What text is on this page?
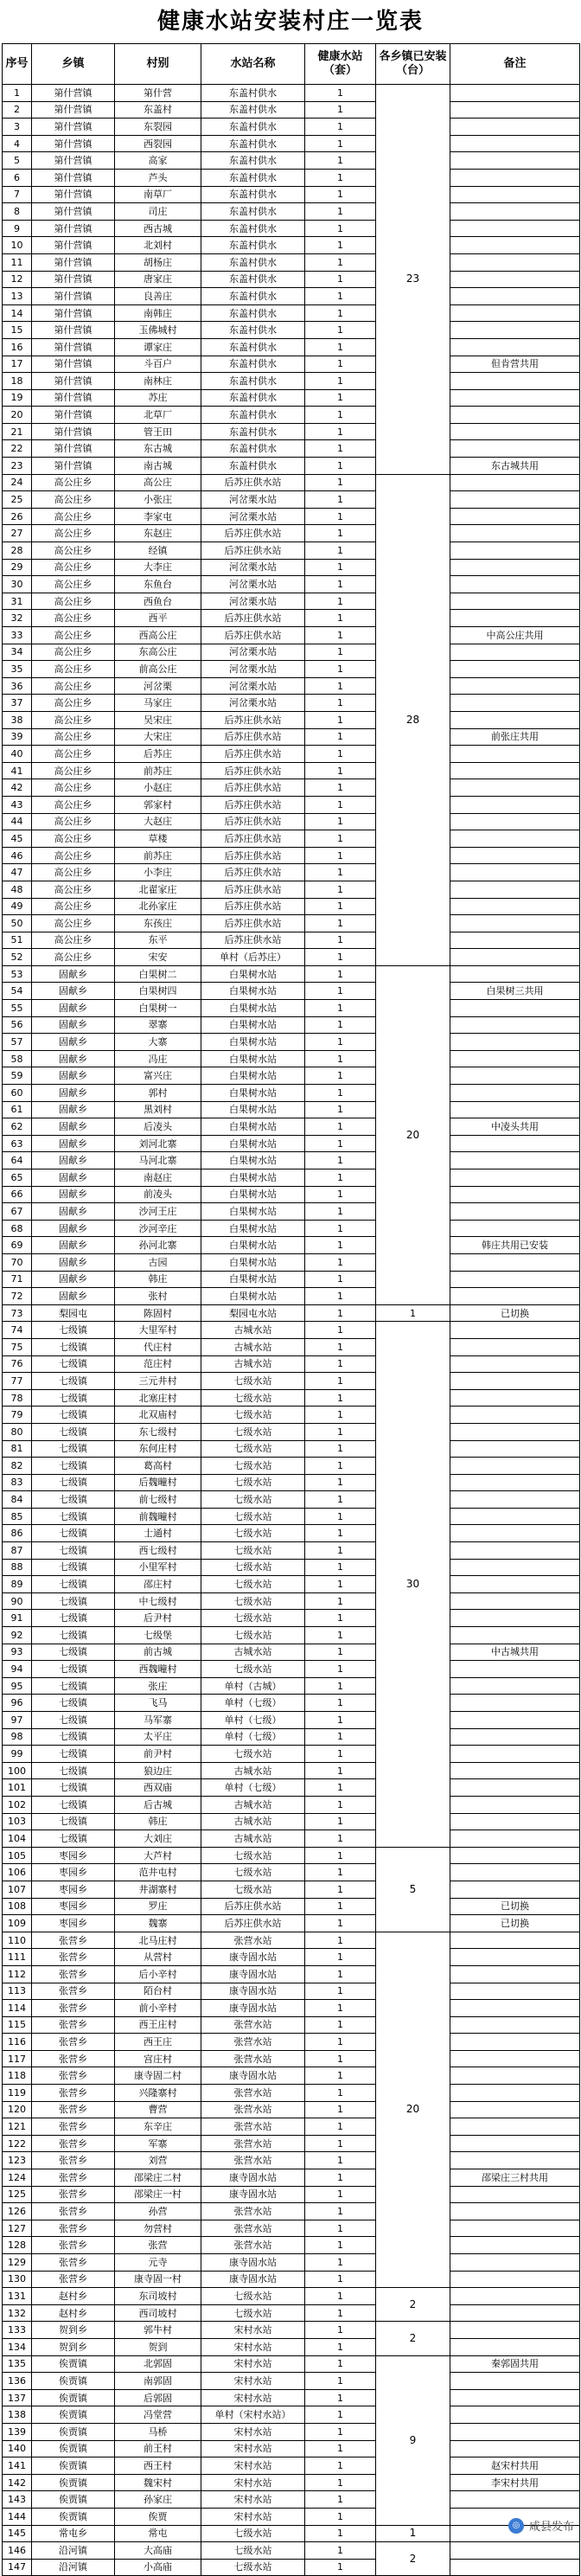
健康水站安装村庄一览表
序号	乡镇	村别	水站名称	健康水站（套）	各乡镇已安装（台）	备注
1	第什营镇	第什营	东盖村供水	1	23	
2	第什营镇	东盖村	东盖村供水	1		
3	第什营镇	东裂园	东盖村供水	1		
4	第什营镇	西裂园	东盖村供水	1		
5	第什营镇	高家	东盖村供水	1		
6	第什营镇	芦头	东盖村供水	1		
7	第什营镇	南草厂	东盖村供水	1		
8	第什营镇	司庄	东盖村供水	1		
9	第什营镇	西古城	东盖村供水	1		
10	第什营镇	北刘村	东盖村供水	1		
11	第什营镇	胡杨庄	东盖村供水	1		
12	第什营镇	唐家庄	东盖村供水	1		
13	第什营镇	良善庄	东盖村供水	1		
14	第什营镇	南韩庄	东盖村供水	1		
15	第什营镇	玉佛城村	东盖村供水	1		
16	第什营镇	谭家庄	东盖村供水	1		
17	第什营镇	斗百户	东盖村供水	1		但肯营共用
18	第什营镇	南林庄	东盖村供水	1		
19	第什营镇	苏庄	东盖村供水	1		
20	第什营镇	北草厂	东盖村供水	1		
21	第什营镇	管王田	东盖村供水	1		
22	第什营镇	东古城	东盖村供水	1		
23	第什营镇	南古城	东盖村供水	1		东古城共用
24	高公庄乡	高公庄	后苏庄供水站	1	28	
25	高公庄乡	小张庄	河岔栗水站	1		
26	高公庄乡	李家屯	河岔栗水站	1		
27	高公庄乡	东赵庄	后苏庄供水站	1		
28	高公庄乡	经镇	后苏庄供水站	1		
29	高公庄乡	大李庄	河岔栗水站	1		
30	高公庄乡	东鱼台	河岔栗水站	1		
31	高公庄乡	西鱼台	河岔栗水站	1		
32	高公庄乡	西平	后苏庄供水站	1		
33	高公庄乡	西高公庄	后苏庄供水站	1		中高公庄共用
34	高公庄乡	东高公庄	河岔栗水站	1		
35	高公庄乡	前高公庄	河岔栗水站	1		
36	高公庄乡	河岔栗	河岔栗水站	1		
37	高公庄乡	马家庄	河岔栗水站	1		
38	高公庄乡	吴宋庄	后苏庄供水站	1		
39	高公庄乡	大宋庄	后苏庄供水站	1		前张庄共用
40	高公庄乡	后苏庄	后苏庄供水站	1		
41	高公庄乡	前苏庄	后苏庄供水站	1		
42	高公庄乡	小赵庄	后苏庄供水站	1		
43	高公庄乡	郭家村	后苏庄供水站	1		
44	高公庄乡	大赵庄	后苏庄供水站	1		
45	高公庄乡	草楼	后苏庄供水站	1		
46	高公庄乡	前苏庄	后苏庄供水站	1		
47	高公庄乡	小李庄	后苏庄供水站	1		
48	高公庄乡	北翟家庄	后苏庄供水站	1		
49	高公庄乡	北孙家庄	后苏庄供水站	1		
50	高公庄乡	东孩庄	后苏庄供水站	1		
51	高公庄乡	东平	后苏庄供水站	1		
52	高公庄乡	宋安	单村（后苏庄）	1		
53	固献乡	白果树二	白果树水站	1	20	
54	固献乡	白果树四	白果树水站	1		白果树三共用
55	固献乡	白果树一	白果树水站	1		
56	固献乡	翠寨	白果树水站	1		
57	固献乡	大寨	白果树水站	1		
58	固献乡	冯庄	白果树水站	1		
59	固献乡	富兴庄	白果树水站	1		
60	固献乡	郭村	白果树水站	1		
61	固献乡	黑刘村	白果树水站	1		
62	固献乡	后凌头	白果树水站	1		中凌头共用
63	固献乡	刘河北寨	白果树水站	1		
64	固献乡	马河北寨	白果树水站	1		
65	固献乡	南赵庄	白果树水站	1		
66	固献乡	前凌头	白果树水站	1		
67	固献乡	沙河王庄	白果树水站	1		
68	固献乡	沙河辛庄	白果树水站	1		
69	固献乡	孙河北寨	白果树水站	1		韩庄共用已安装
70	固献乡	古园	白果树水站	1		
71	固献乡	韩庄	白果树水站	1		
72	固献乡	张村	白果树水站	1		
73	梨园屯	陈固村	梨园屯水站	1	1	已切换
74	七级镇	大里军村	古城水站	1	30	
75	七级镇	代庄村	古城水站	1		
76	七级镇	范庄村	古城水站	1		
77	七级镇	三元井村	七级水站	1		
78	七级镇	北塞庄村	七级水站	1		
79	七级镇	北双庙村	七级水站	1		
80	七级镇	东七级村	七级水站	1		
81	七级镇	东何庄村	七级水站	1		
82	七级镇	葛高村	七级水站	1		
83	七级镇	后魏疃村	七级水站	1		
84	七级镇	前七级村	七级水站	1		
85	七级镇	前魏疃村	七级水站	1		
86	七级镇	士通村	七级水站	1		
87	七级镇	西七级村	七级水站	1		
88	七级镇	小里军村	七级水站	1		
89	七级镇	邵庄村	七级水站	1		
90	七级镇	中七级村	七级水站	1		
91	七级镇	后尹村	七级水站	1		
92	七级镇	七级堡	七级水站	1		
93	七级镇	前古城	古城水站	1		中古城共用
94	七级镇	西魏疃村	七级水站	1		
95	七级镇	张庄	单村（古城）	1		
96	七级镇	飞马	单村（七级）	1		
97	七级镇	马军寨	单村（七级）	1		
98	七级镇	太平庄	单村（七级）	1		
99	七级镇	前尹村	七级水站	1		
100	七级镇	狼边庄	古城水站	1		
101	七级镇	西双庙	单村（七级）	1		
102	七级镇	后古城	古城水站	1		
103	七级镇	韩庄	古城水站	1		
104	七级镇	大刘庄	古城水站	1		
105	枣园乡	大芦村	七级水站	1	5	
106	枣园乡	范井屯村	七级水站	1		
107	枣园乡	井湖寨村	七级水站	1		
108	枣园乡	罗庄	后苏庄供水站	1		已切换
109	枣园乡	魏寨	后苏庄供水站	1		已切换
110	张营乡	北马庄村	张营水站	1	20	
111	张营乡	从营村	康寺固水站	1		
112	张营乡	后小辛村	康寺固水站	1		
113	张营乡	陌台村	康寺固水站	1		
114	张营乡	前小辛村	康寺固水站	1		
115	张营乡	西王庄村	张营水站	1		
116	张营乡	西王庄	张营水站	1		
117	张营乡	宫庄村	张营水站	1		
118	张营乡	康寺固二村	康寺固水站	1		
119	张营乡	兴隆寨村	张营水站	1		
120	张营乡	曹营	张营水站	1		
121	张营乡	东辛庄	张营水站	1		
122	张营乡	军寨	张营水站	1		
123	张营乡	刘营	张营水站	1		
124	张营乡	邵梁庄二村	康寺固水站	1		邵梁庄三村共用
125	张营乡	邵梁庄一村	康寺固水站	1		
126	张营乡	孙营	张营水站	1		
127	张营乡	勿营村	张营水站	1		
128	张营乡	张营	张营水站	1		
129	张营乡	元寺	康寺固水站	1		
130	张营乡	康寺固一村	康寺固水站	1		
131	赵村乡	东司坡村	七级水站	1	2	
132	赵村乡	西司坡村	七级水站	1		
133	贺到乡	郭牛村	宋村水站	1	2	
134	贺到乡	贺到	宋村水站	1		
135	俟贾镇	北郭固	宋村水站	1	9	秦郭固共用
136	俟贾镇	南郭固	宋村水站	1		
137	俟贾镇	后郭固	宋村水站	1		
138	俟贾镇	冯堂营	单村（宋村水站）	1		
139	俟贾镇	马桥	宋村水站	1		
140	俟贾镇	前王村	宋村水站	1		
141	俟贾镇	西王村	宋村水站	1		赵宋村共用
142	俟贾镇	魏宋村	宋村水站	1		李宋村共用
143	俟贾镇	孙家庄	宋村水站	1		
144	俟贾镇	俟贾	宋村水站	1		
145	常屯乡	常屯	七级水站	1	1	
146	沿河镇	大高庙	七级水站	1	2	
147	沿河镇	小高庙	七级水站	1		
◎ 咸县发布
